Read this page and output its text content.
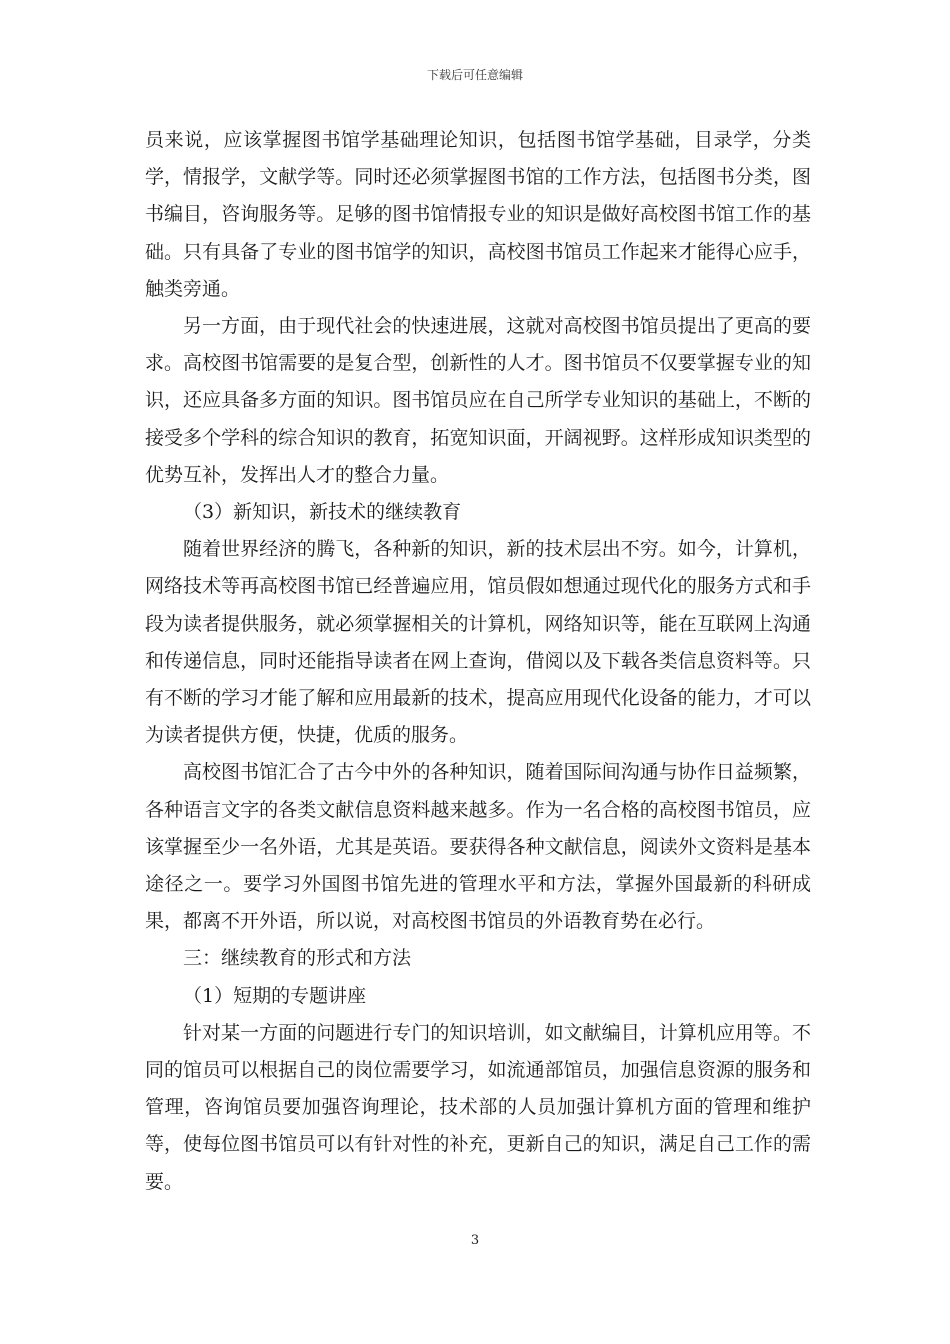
下载后可任意编辑

员来说，应该掌握图书馆学基础理论知识，包括图书馆学基础，目录学，分类学，情报学，文献学等。同时还必须掌握图书馆的工作方法，包括图书分类，图书编目，咨询服务等。足够的图书馆情报专业的知识是做好高校图书馆工作的基础。只有具备了专业的图书馆学的知识，高校图书馆员工作起来才能得心应手，触类旁通。

另一方面，由于现代社会的快速进展，这就对高校图书馆员提出了更高的要求。高校图书馆需要的是复合型，创新性的人才。图书馆员不仅要掌握专业的知识，还应具备多方面的知识。图书馆员应在自己所学专业知识的基础上，不断的接受多个学科的综合知识的教育，拓宽知识面，开阔视野。这样形成知识类型的优势互补，发挥出人才的整合力量。

（3）新知识，新技术的继续教育

随着世界经济的腾飞，各种新的知识，新的技术层出不穷。如今，计算机，网络技术等再高校图书馆已经普遍应用，馆员假如想通过现代化的服务方式和手段为读者提供服务，就必须掌握相关的计算机，网络知识等，能在互联网上沟通和传递信息，同时还能指导读者在网上查询，借阅以及下载各类信息资料等。只有不断的学习才能了解和应用最新的技术，提高应用现代化设备的能力，才可以为读者提供方便，快捷，优质的服务。

高校图书馆汇合了古今中外的各种知识，随着国际间沟通与协作日益频繁，各种语言文字的各类文献信息资料越来越多。作为一名合格的高校图书馆员，应该掌握至少一名外语，尤其是英语。要获得各种文献信息，阅读外文资料是基本途径之一。要学习外国图书馆先进的管理水平和方法，掌握外国最新的科研成果，都离不开外语，所以说，对高校图书馆员的外语教育势在必行。

三：继续教育的形式和方法

（1）短期的专题讲座

针对某一方面的问题进行专门的知识培训，如文献编目，计算机应用等。不同的馆员可以根据自己的岗位需要学习，如流通部馆员，加强信息资源的服务和管理，咨询馆员要加强咨询理论，技术部的人员加强计算机方面的管理和维护等，使每位图书馆员可以有针对性的补充，更新自己的知识，满足自己工作的需要。

3
